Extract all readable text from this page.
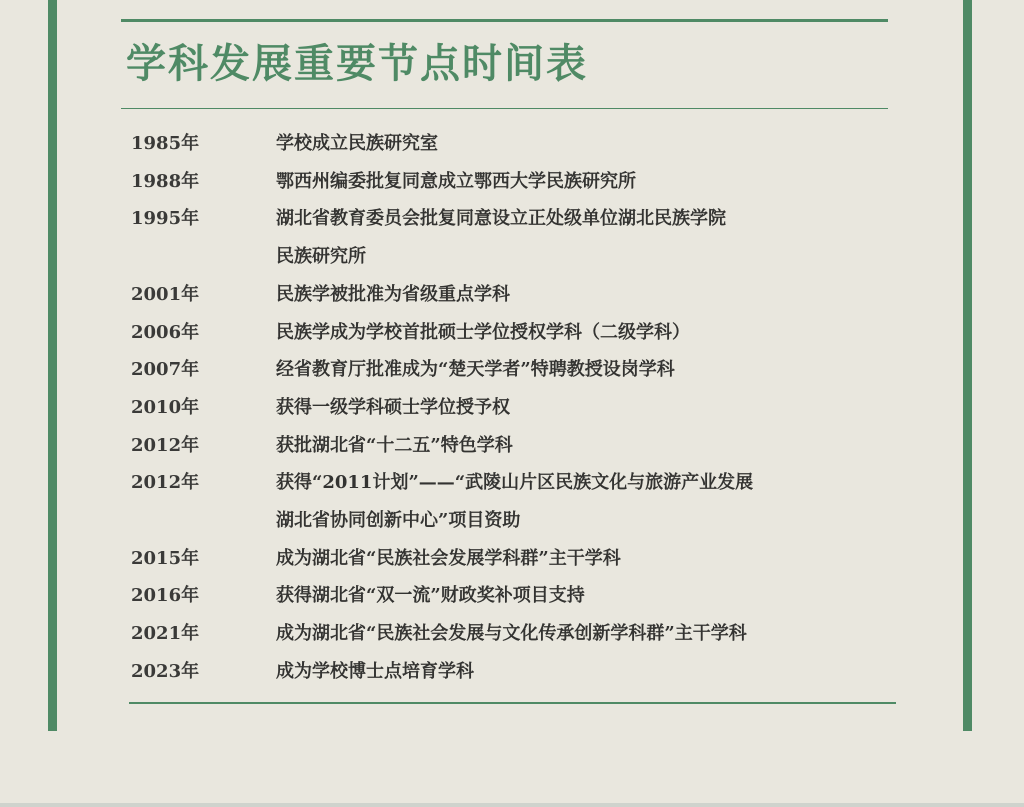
学科发展重要节点时间表
1985年	学校成立民族研究室
1988年	鄂西州编委批复同意成立鄂西大学民族研究所
1995年	湖北省教育委员会批复同意设立正处级单位湖北民族学院
民族研究所
2001年	民族学被批准为省级重点学科
2006年	民族学成为学校首批硕士学位授权学科（二级学科）
2007年	经省教育厅批准成为“楚天学者”特聘教授设岗学科
2010年	获得一级学科硕士学位授予权
2012年	获批湖北省“十二五”特色学科
2012年	获得“2011计划”——“武陵山片区民族文化与旅游产业发展
湖北省协同创新中心”项目资助
2015年	成为湖北省“民族社会发展学科群”主干学科
2016年	获得湖北省“双一流”财政奖补项目支持
2021年	成为湖北省“民族社会发展与文化传承创新学科群”主干学科
2023年	成为学校博士点培育学科
